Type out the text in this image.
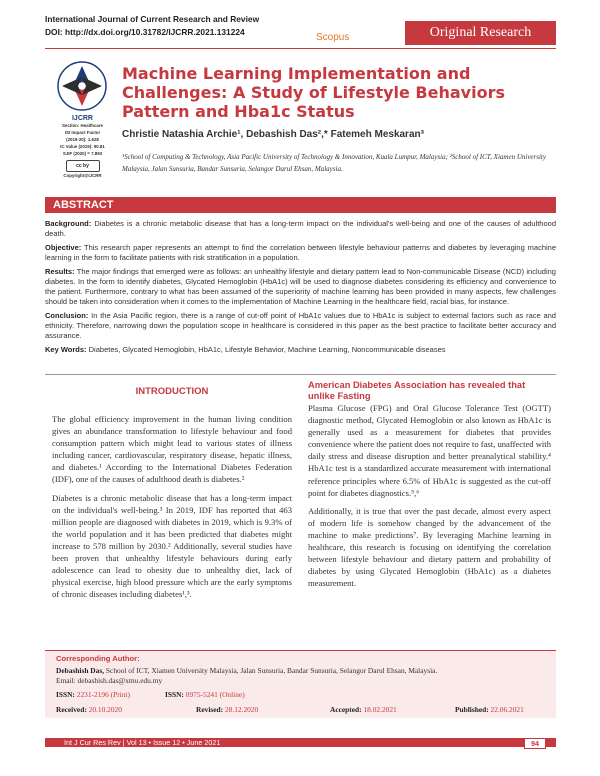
International Journal of Current Research and Review
DOI: http://dx.doi.org/10.31782/IJCRR.2021.131224	Scopus	Original Research
IJCRR
Section: Healthcare
ISI Impact Factor
(2019-20): 1.628
IC Value (2019): 90.81
SJIF (2020) = 7.893
cc by
Copyright@IJCRR
Machine Learning Implementation and Challenges: A Study of Lifestyle Behaviors Pattern and Hba1c Status
Christie Natashia Archie¹, Debashish Das²,* Fatemeh Meskaran³
¹School of Computing & Technology, Asia Pacific University of Technology & Innovation, Kuala Lumpur, Malaysia; ²School of ICT, Xiamen University Malaysia, Jalan Sunsuria, Bandar Sunsuria, Selangor Darul Ehsan, Malaysia.
ABSTRACT

Background: Diabetes is a chronic metabolic disease that has a long-term impact on the individual's well-being and one of the causes of adulthood death.

Objective: This research paper represents an attempt to find the correlation between lifestyle behaviour patterns and diabetes by leveraging machine learning in the form to facilitate patients with risk stratification in a population.

Results: The major findings that emerged were as follows: an unhealthy lifestyle and dietary pattern lead to Non-communicable Disease (NCD) including diabetes. In the form to identify diabetes, Glycated Hemoglobin (HbA1c) will be used to diagnose diabetes considering its efficiency and convenience to the patient. Furthermore, contrary to what has been assumed of the superiority of machine learning has been provided in many aspects, few challenges should be taken into consideration when it comes to the implementation of Machine Learning in the healthcare field, racial bias, for instance.

Conclusion: In the Asia Pacific region, there is a range of cut-off point of HbA1c values due to HbA1c is subject to external factors such as race and ethnicity. Therefore, narrowing down the population scope in healthcare is considered in this paper as the best practice to facilitate better accuracy and assurance.

Key Words: Diabetes, Glycated Hemoglobin, HbA1c, Lifestyle Behavior, Machine Learning, Noncommunicable diseases

INTRODUCTION

The global efficiency improvement in the human living condition gives an abundance transformation to lifestyle behaviour and food consumption pattern which might lead to various states of illness including cancer, cardiovascular, respiratory disease, hepatic illness, and diabetes.¹ According to the International Diabetes Federation (IDF), one of the causes of adulthood death is diabetes.²

Diabetes is a chronic metabolic disease that has a long-term impact on the individual's well-being.³ In 2019, IDF has reported that 463 million people are diagnosed with diabetes in 2019, which is 9.3% of the world population and it has been predicted that diabetes might increase to 578 million by 2030.² Additionally, several studies have been proven that unhealthy lifestyle behaviours during early adolescence can lead to obesity due to unhealthy diet, lack of physical exercise, high blood pressure which are the early symptoms of chronic diseases including diabetes¹,³.

American Diabetes Association has revealed that unlike Fasting

Plasma Glucose (FPG) and Oral Glucose Tolerance Test (OGTT) diagnostic method, Glycated Hemoglobin or also known as HbA1c is generally used as a measurement for diabetes that provides convenience where the patient does not require to fast, unaffected with daily stress and disease disruption and better preanalytical stability.⁴ HbA1c test is a standardized accurate measurement with international reference principles where 6.5% of HbA1c is suggested as the cut-off point for diabetes diagnostics.⁵,⁶

Additionally, it is true that over the past decade, almost every aspect of modern life is somehow changed by the advancement of the machine to make predictions⁷. By leveraging Machine learning in healthcare, this research is focusing on identifying the correlation between lifestyle behaviour and dietary pattern and probability of diabetes by using Glycated Hemoglobin (HbA1c) as a diabetes measurement.

Corresponding Author:
Debashish Das, School of ICT, Xiamen University Malaysia, Jalan Sunsuria, Bandar Sunsuria, Selangor Darul Ehsan, Malaysia.
Email: debashish.das@xmu.edu.my
ISSN: 2231-2196 (Print)	ISSN: 0975-5241 (Online)
Received: 20.10.2020	Revised: 28.12.2020	Accepted: 18.02.2021	Published: 22.06.2021
Int J Cur Res Rev | Vol 13 • Issue 12 • June 2021	94
